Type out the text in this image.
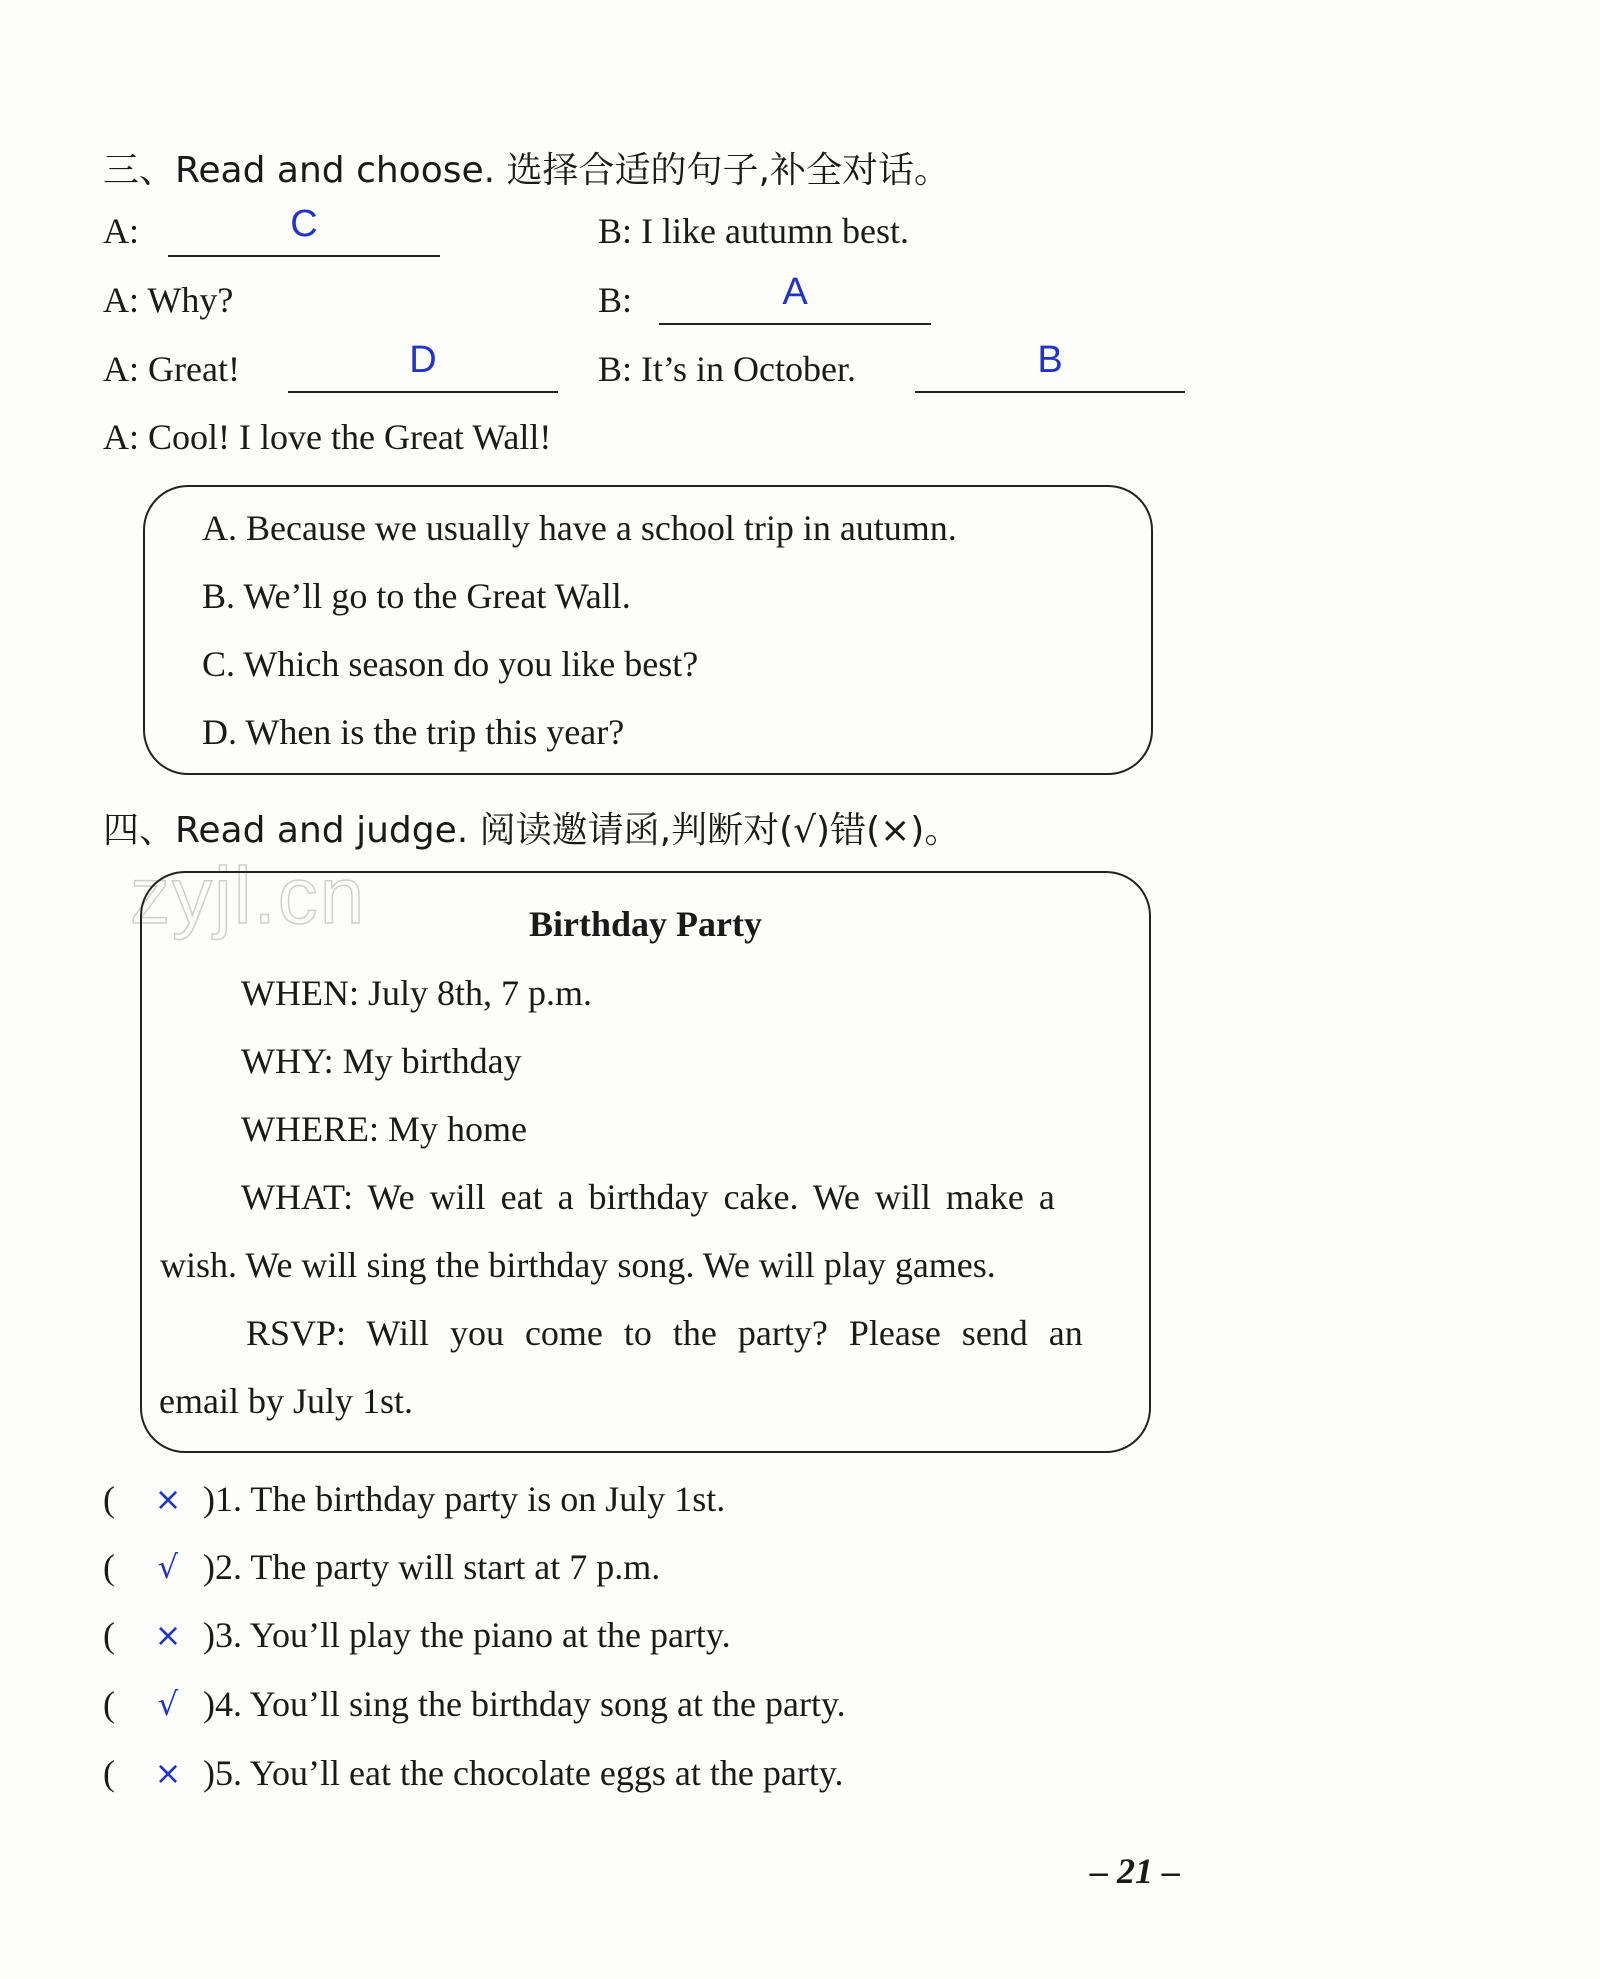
三、Read and choose. 选择合适的句子,补全对话。
A:	C	B: I like autumn best.
A: Why?	B:	A
A: Great!	D	B: It’s in October.	B
A: Cool! I love the Great Wall!
A. Because we usually have a school trip in autumn.
B. We’ll go to the Great Wall.
C. Which season do you like best?
D. When is the trip this year?
四、Read and judge. 阅读邀请函,判断对(√)错(×)。
zyjl.cn	Birthday Party
WHEN: July 8th, 7 p.m.
WHY: My birthday
WHERE: My home
WHAT: We will eat a birthday cake. We will make a
wish. We will sing the birthday song. We will play games.
RSVP: Will you come to the party? Please send an
email by July 1st.
( × )1. The birthday party is on July 1st.
(	√ )2. The party will start at 7 p.m.
( × )3. You’ll play the piano at the party.
(	√ )4. You’ll sing the birthday song at the party.
( × )5. You’ll eat the chocolate eggs at the party.
– 21 –
